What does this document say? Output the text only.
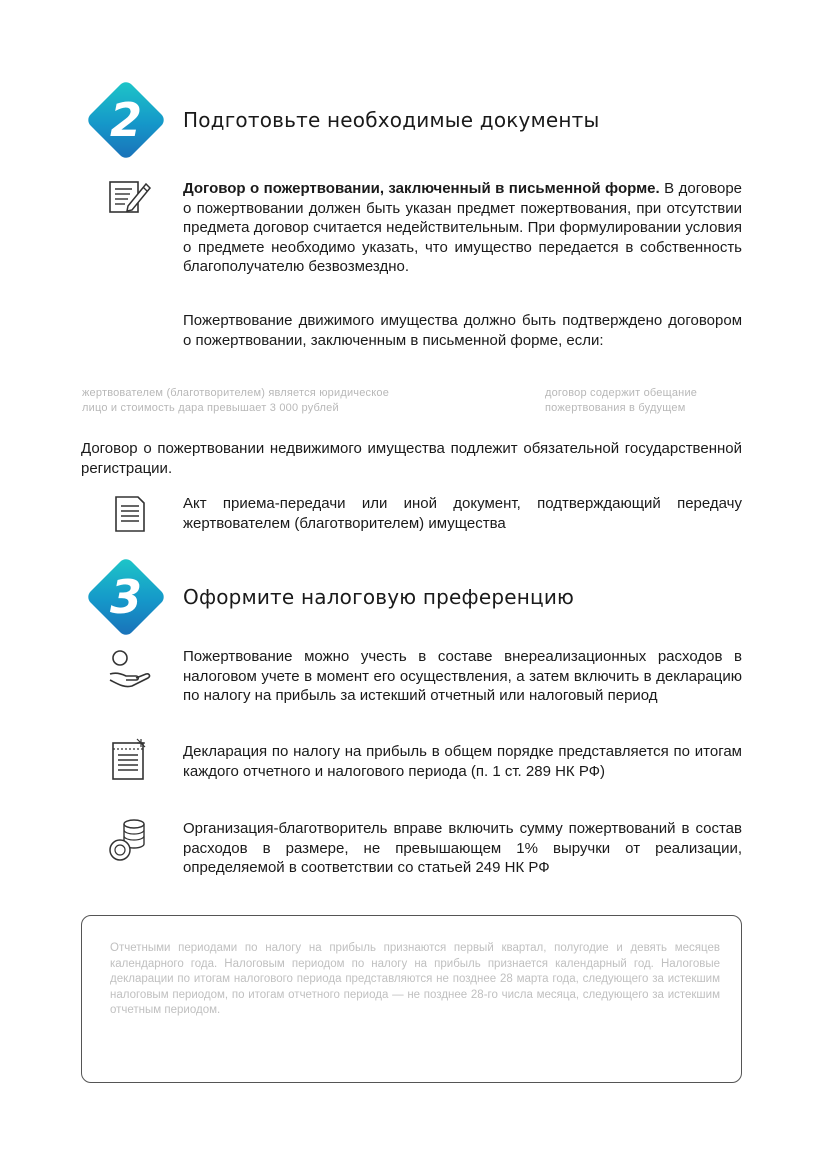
2	Подготовьте необходимые документы
Договор о пожертвовании, заключенный в письменной форме. В договоре о пожертвовании должен быть указан предмет пожертвования, при отсутствии предмета договор считается недействительным. При формулировании условия о предмете необходимо указать, что имущество передается в собственность благополучателю безвозмездно.
Пожертвование движимого имущества должно быть подтверждено договором о пожертвовании, заключенным в письменной форме, если:
жертвователем (благотворителем) является юридическое
лицо и стоимость дара превышает 3 000 рублей
договор содержит обещание
пожертвования в будущем
Договор о пожертвовании недвижимого имущества подлежит обязательной государственной регистрации.
Акт приема-передачи или иной документ, подтверждающий передачу жертвователем (благотворителем) имущества
3	Оформите налоговую преференцию
Пожертвование можно учесть в составе внереализационных расходов в налоговом учете в момент его осуществления, а затем включить в декларацию по налогу на прибыль за истекший отчетный или налоговый период
Декларация по налогу на прибыль в общем порядке представляется по итогам каждого отчетного и налогового периода (п. 1 ст. 289 НК РФ)
Организация-благотворитель вправе включить сумму пожертвований в состав расходов в размере, не превышающем 1% выручки от реализации, определяемой в соответствии со статьей 249 НК РФ
Отчетными периодами по налогу на прибыль признаются первый квартал, полугодие и девять месяцев календарного года. Налоговым периодом по налогу на прибыль признается календарный год. Налоговые декларации по итогам налогового периода представляются не позднее 28 марта года, следующего за истекшим налоговым периодом, по итогам отчетного периода — не позднее 28-го числа месяца, следующего за истекшим отчетным периодом.
